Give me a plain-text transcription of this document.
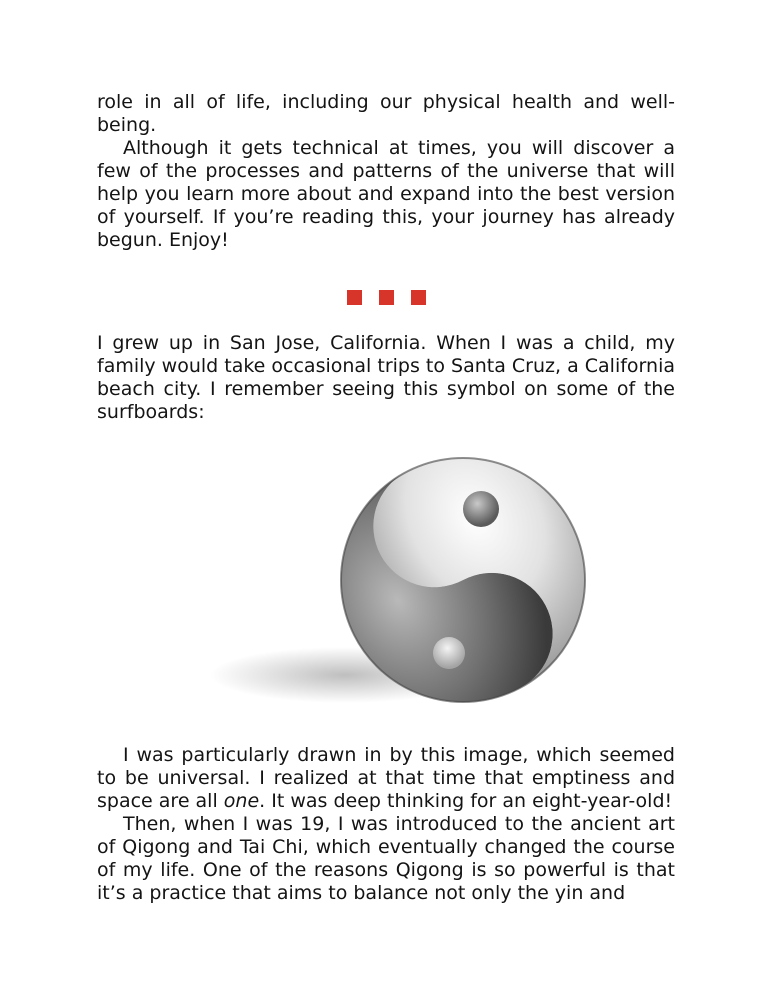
role in all of life, including our physical health and well-being.

Although it gets technical at times, you will discover a few of the processes and patterns of the universe that will help you learn more about and expand into the best version of yourself. If you’re reading this, your journey has already begun. Enjoy!

I grew up in San Jose, California. When I was a child, my family would take occasional trips to Santa Cruz, a California beach city. I remember seeing this symbol on some of the surfboards:

I was particularly drawn in by this image, which seemed to be universal. I realized at that time that emptiness and space are all one. It was deep thinking for an eight-year-old!

Then, when I was 19, I was introduced to the ancient art of Qigong and Tai Chi, which eventually changed the course of my life. One of the reasons Qigong is so powerful is that it’s a practice that aims to balance not only the yin and
